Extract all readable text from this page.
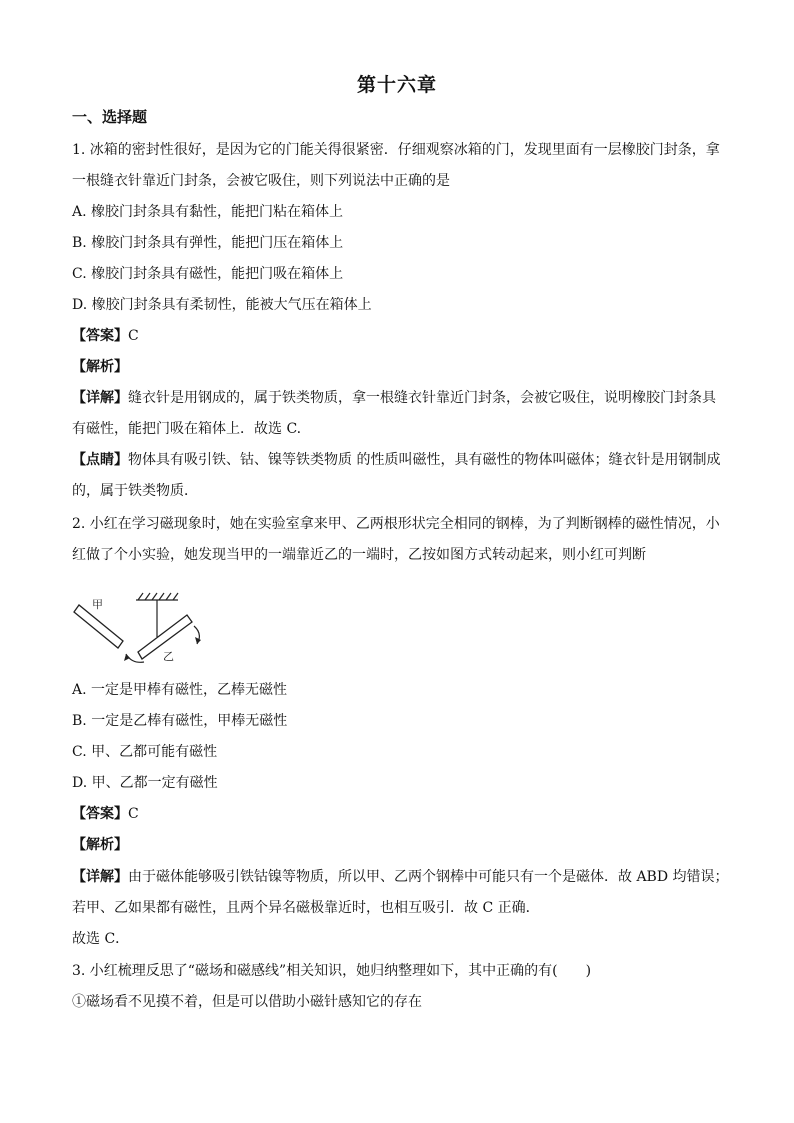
第十六章
一、选择题
1. 冰箱的密封性很好，是因为它的门能关得很紧密．仔细观察冰箱的门，发现里面有一层橡胶门封条，拿
一根缝衣针靠近门封条，会被它吸住，则下列说法中正确的是
A. 橡胶门封条具有黏性，能把门粘在箱体上
B. 橡胶门封条具有弹性，能把门压在箱体上
C. 橡胶门封条具有磁性，能把门吸在箱体上
D. 橡胶门封条具有柔韧性，能被大气压在箱体上
【答案】C
【解析】
【详解】缝衣针是用钢成的，属于铁类物质，拿一根缝衣针靠近门封条，会被它吸住，说明橡胶门封条具
有磁性，能把门吸在箱体上．故选 C.
【点睛】物体具有吸引铁、钴、镍等铁类物质 的性质叫磁性，具有磁性的物体叫磁体；缝衣针是用钢制成
的，属于铁类物质．
2. 小红在学习磁现象时，她在实验室拿来甲、乙两根形状完全相同的钢棒，为了判断钢棒的磁性情况，小
红做了个小实验，她发现当甲的一端靠近乙的一端时，乙按如图方式转动起来，则小红可判断
甲
乙
A. 一定是甲棒有磁性，乙棒无磁性
B. 一定是乙棒有磁性，甲棒无磁性
C. 甲、乙都可能有磁性
D. 甲、乙都一定有磁性
【答案】C
【解析】
【详解】由于磁体能够吸引铁钴镍等物质，所以甲、乙两个钢棒中可能只有一个是磁体．故 ABD 均错误；
若甲、乙如果都有磁性，且两个异名磁极靠近时，也相互吸引．故 C 正确．
故选 C．
3. 小红梳理反思了“磁场和磁感线”相关知识，她归纳整理如下，其中正确的有(　　)
①磁场看不见摸不着，但是可以借助小磁针感知它的存在
